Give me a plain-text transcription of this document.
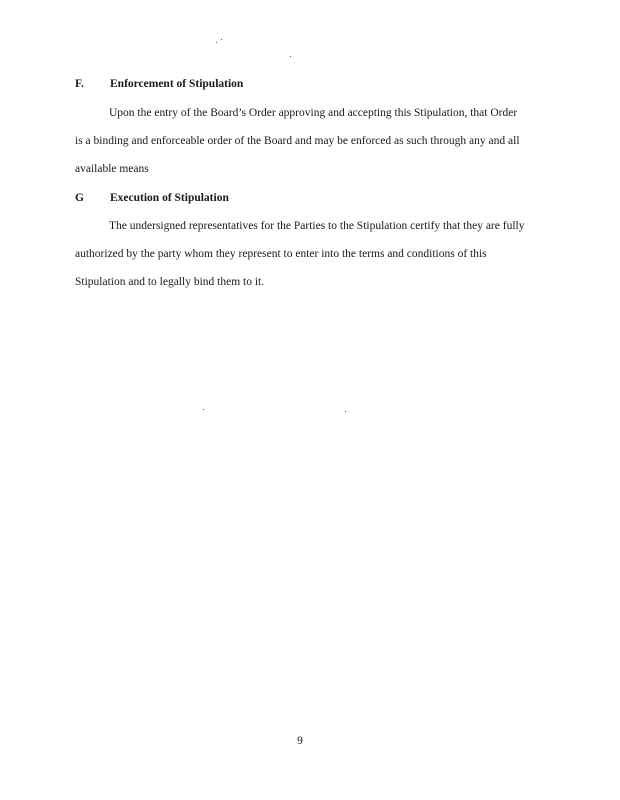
F. Enforcement of Stipulation
Upon the entry of the Board’s Order approving and accepting this Stipulation, that Order
is a binding and enforceable order of the Board and may be enforced as such through any and all
available means
G Execution of Stipulation
The undersigned representatives for the Parties to the Stipulation certify that they are fully
authorized by the party whom they represent to enter into the terms and conditions of this
Stipulation and to legally bind them to it.
9
